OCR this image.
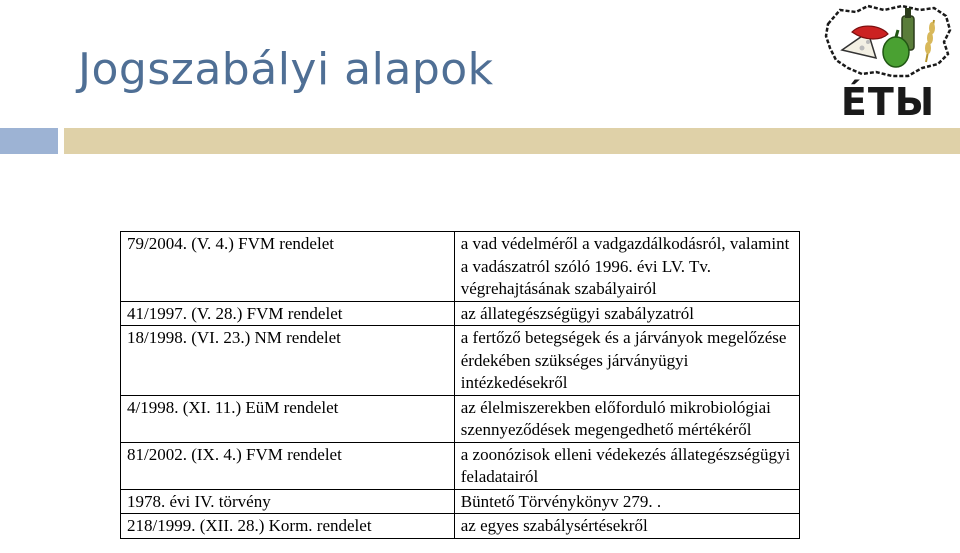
Jogszabályi alapok
ÉTЫ
79/2004. (V. 4.) FVM rendelet	a vad védelméről a vadgazdálkodásról, valamint a vadászatról szóló 1996. évi LV. Tv. végrehajtásának szabályairól
41/1997. (V. 28.) FVM rendelet	az állategészségügyi szabályzatról
18/1998. (VI. 23.) NM rendelet	a fertőző betegségek és a járványok megelőzése érdekében szükséges járványügyi intézkedésekről
4/1998. (XI. 11.) EüM rendelet	az élelmiszerekben előforduló mikrobiológiai szennyeződések megengedhető mértékéről
81/2002. (IX. 4.) FVM rendelet	a zoonózisok elleni védekezés állategészségügyi feladatairól
1978. évi IV. törvény	Büntető Törvénykönyv 279. .
218/1999. (XII. 28.) Korm. rendelet	az egyes szabálysértésekről
